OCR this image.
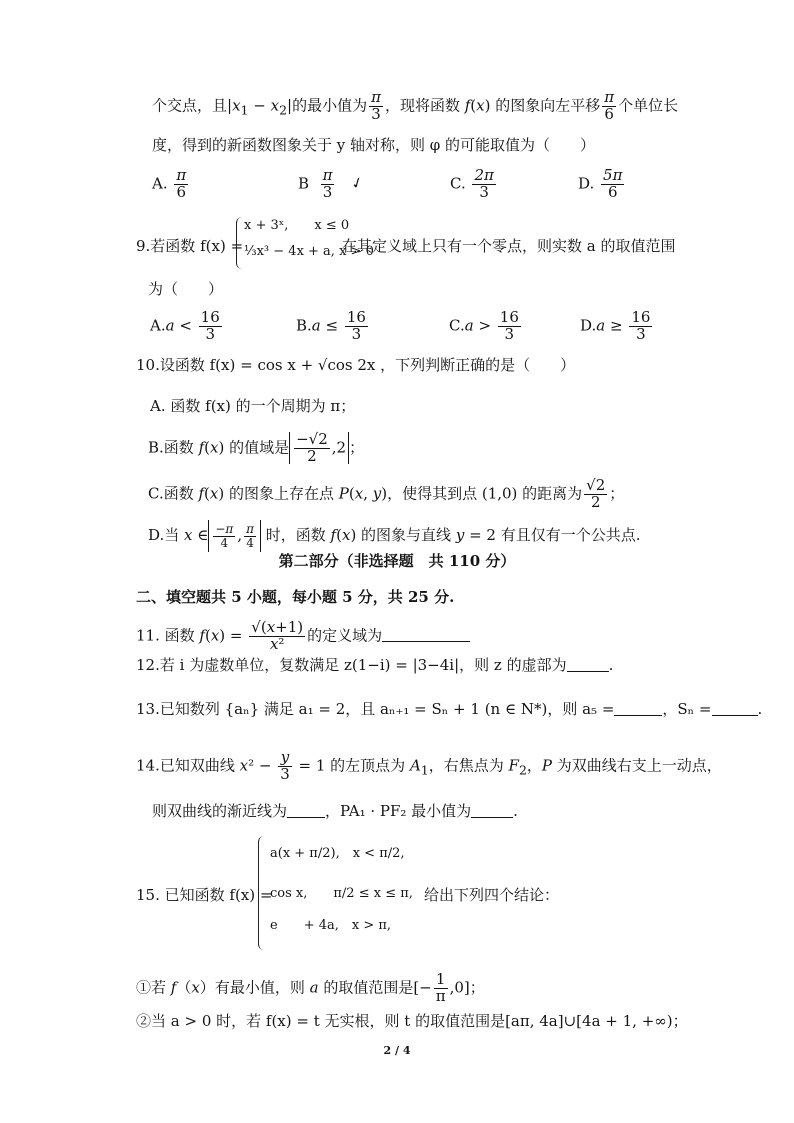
个交点，且$|x_1 - x_2|$的最小值为 $\frac{\pi}{3}$ ，现将函数 f(x) 的图象向左平移 $\frac{\pi}{6}$ 个单位长
度，得到的新函数图象关于 y 轴对称，则 φ 的可能取值为（　　）
A. $\frac{\pi}{6}$	B $\frac{\pi}{3}$ ✓	C. $\frac{2\pi}{3}$	D. $\frac{5\pi}{6}$
9.若函数 f(x) =
x + 3ˣ,　　x ≤ 0
⅓x³ − 4x + a, x > 0
在其定义域上只有一个零点，则实数 a 的取值范围
为（　　）
$A.a < \frac{16}{3}$	$B.a \le \frac{16}{3}$	$C.a > \frac{16}{3}$	$D.a \ge \frac{16}{3}$
10.设函数 f(x) = cos x + √cos 2x ，下列判断正确的是（　　）
A. 函数 f(x) 的一个周期为 π；
B.函数 f(x) 的值域是 $\frac{-√2}{2} ,2$ ；
C.函数 f(x) 的图象上存在点 P(x, y)，使得其到点 (1,0) 的距离为 $\frac{√2}{2}$ ；
D.当 x ∈ $\frac{-\pi}{4}$ , $\frac{\pi}{4}$ 时，函数 f(x) 的图象与直线 y = 2 有且仅有一个公共点.
第二部分（非选择题　共 110 分）
二、填空题共 5 小题，每小题 5 分，共 25 分.
11. 函数 $f(x) = \frac{√(x+1)}{\text{x²}}$ 的定义域为
12.若 i 为虚数单位，复数满足 z(1−i) = |3−4i|，则 z 的虚部为	.
13.已知数列 {aₙ} 满足 a₁ = 2，且 aₙ₊₁ = Sₙ + 1 (n ∈ N*)，则 a₅ =	，Sₙ =	.
14.已知双曲线 $x^2 - \frac{y}{3} = 1$ 的左顶点为 $A_1$，右焦点为 $F_2$，P 为双曲线右支上一动点，
则双曲线的渐近线为	，PA₁ · PF₂ 最小值为	.
15. 已知函数 f(x) =
a(x + π/2),　x < π/2,
cos x,　　π/2 ≤ x ≤ π,
e　　+ 4a,　x > π,
给出下列四个结论：
①若 f（x）有最小值，则 a 的取值范围是[− $\frac{1}{\pi} ,0$]；
②当 a > 0 时，若 f(x) = t 无实根，则 t 的取值范围是[aπ, 4a]∪[4a + 1, +∞)；
2 / 4
